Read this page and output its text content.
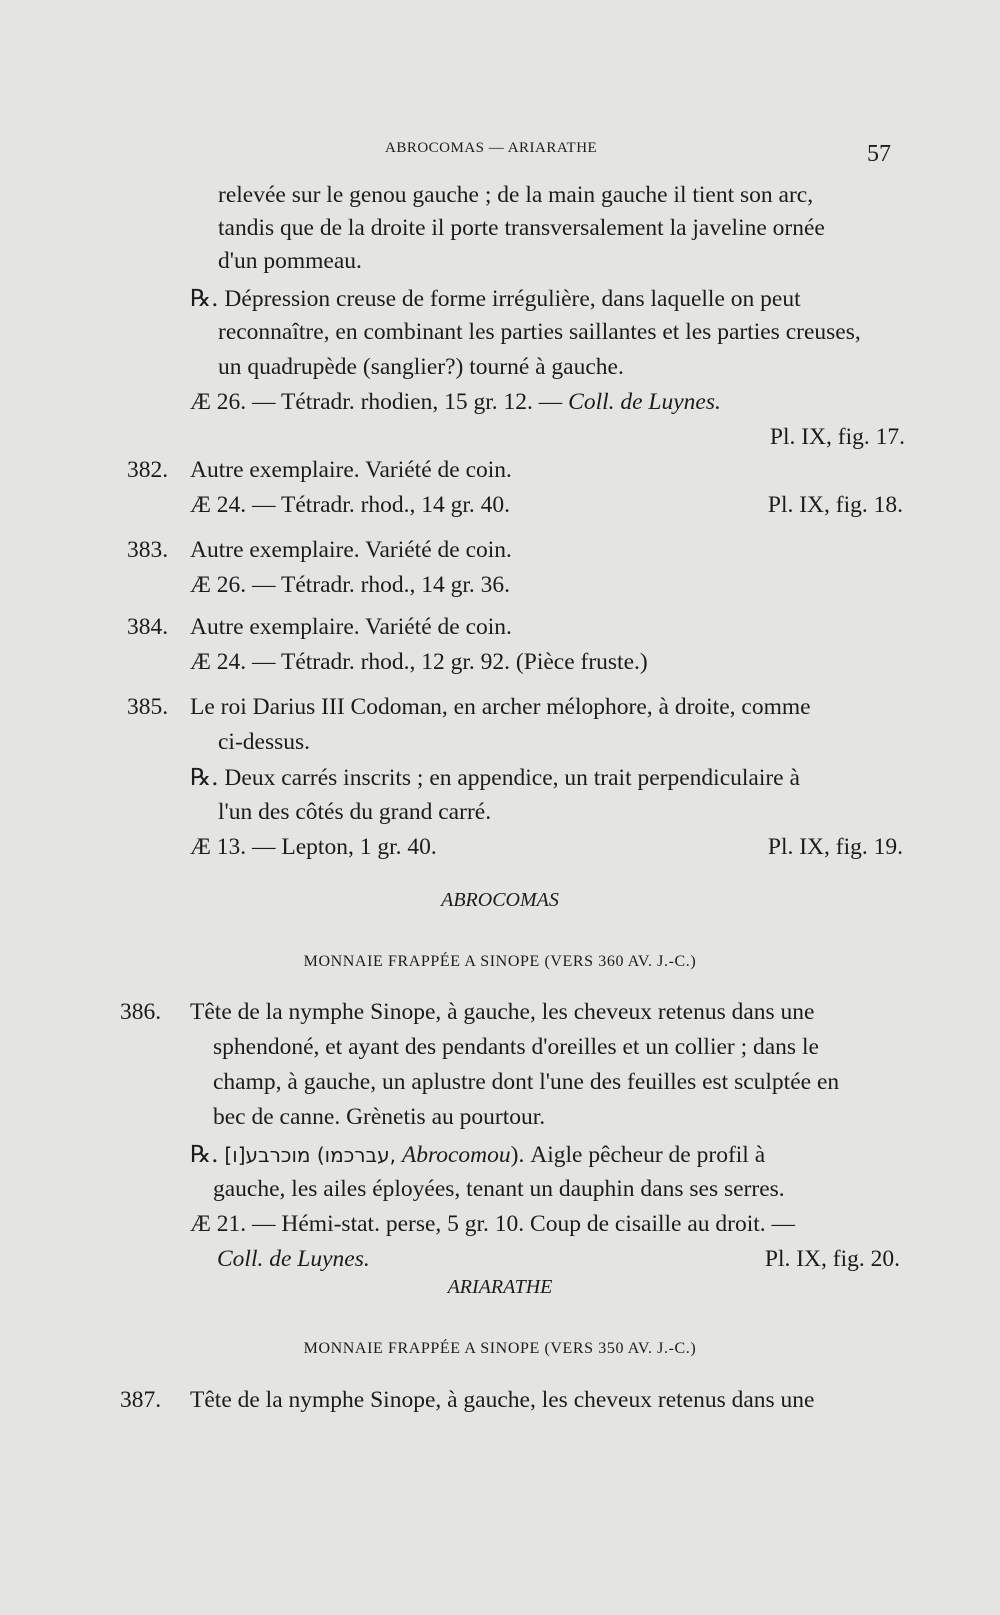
ABROCOMAS — ARIARATHE	57
relevée sur le genou gauche ; de la main gauche il tient son arc,
tandis que de la droite il porte transversalement la javeline ornée
d'un pommeau.
℞. Dépression creuse de forme irrégulière, dans laquelle on peut
reconnaître, en combinant les parties saillantes et les parties creuses,
un quadrupède (sanglier?) tourné à gauche.
Æ 26. — Tétradr. rhodien, 15 gr. 12. — Coll. de Luynes.
Pl. IX, fig. 17.
382. Autre exemplaire. Variété de coin.
Æ 24. — Tétradr. rhod., 14 gr. 40.	Pl. IX, fig. 18.
383. Autre exemplaire. Variété de coin.
Æ 26. — Tétradr. rhod., 14 gr. 36.
384. Autre exemplaire. Variété de coin.
Æ 24. — Tétradr. rhod., 12 gr. 92. (Pièce fruste.)
385. Le roi Darius III Codoman, en archer mélophore, à droite, comme
ci-dessus.
℞. Deux carrés inscrits ; en appendice, un trait perpendiculaire à
l'un des côtés du grand carré.
Æ 13. — Lepton, 1 gr. 40.	Pl. IX, fig. 19.
ABROCOMAS
MONNAIE FRAPPÉE A SINOPE (VERS 360 AV. J.-C.)
386. Tête de la nymphe Sinope, à gauche, les cheveux retenus dans une
sphendoné, et ayant des pendants d'oreilles et un collier ; dans le
champ, à gauche, un aplustre dont l'une des feuilles est sculptée en
bec de canne. Grènetis au pourtour.
℞. [ו]מוכרבע (עברכמו, Abrocomou). Aigle pêcheur de profil à
gauche, les ailes éployées, tenant un dauphin dans ses serres.
Æ 21. — Hémi-stat. perse, 5 gr. 10. Coup de cisaille au droit. —
Coll. de Luynes.	Pl. IX, fig. 20.
ARIARATHE
MONNAIE FRAPPÉE A SINOPE (VERS 350 AV. J.-C.)
387. Tête de la nymphe Sinope, à gauche, les cheveux retenus dans une
